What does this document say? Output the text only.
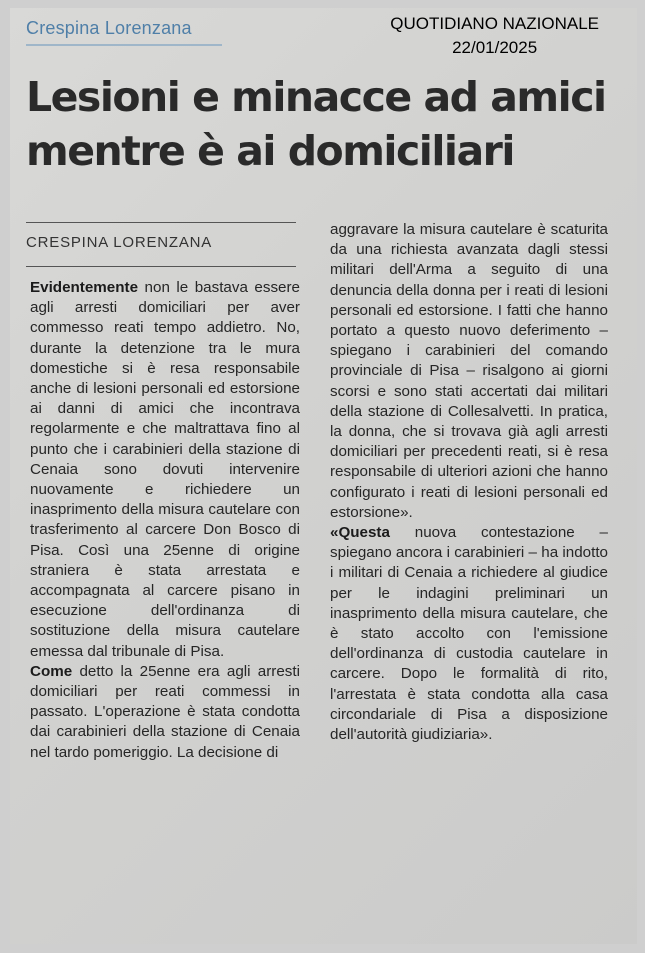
Crespina Lorenzana	QUOTIDIANO NAZIONALE
22/01/2025
Lesioni e minacce ad amici mentre è ai domiciliari
CRESPINA LORENZANA

Evidentemente non le bastava essere agli arresti domiciliari per aver commesso reati tempo addietro. No, durante la detenzione tra le mura domestiche si è resa responsabile anche di lesioni personali ed estorsione ai danni di amici che incontrava regolarmente e che maltrattava fino al punto che i carabinieri della stazione di Cenaia sono dovuti intervenire nuovamente e richiedere un inasprimento della misura cautelare con trasferimento al carcere Don Bosco di Pisa. Così una 25enne di origine straniera è stata arrestata e accompagnata al carcere pisano in esecuzione dell'ordinanza di sostituzione della misura cautelare emessa dal tribunale di Pisa.

Come detto la 25enne era agli arresti domiciliari per reati commessi in passato. L'operazione è stata condotta dai carabinieri della stazione di Cenaia nel tardo pomeriggio. La decisione di

aggravare la misura cautelare è scaturita da una richiesta avanzata dagli stessi militari dell'Arma a seguito di una denuncia della donna per i reati di lesioni personali ed estorsione. I fatti che hanno portato a questo nuovo deferimento – spiegano i carabinieri del comando provinciale di Pisa – risalgono ai giorni scorsi e sono stati accertati dai militari della stazione di Collesalvetti. In pratica, la donna, che si trovava già agli arresti domiciliari per precedenti reati, si è resa responsabile di ulteriori azioni che hanno configurato i reati di lesioni personali ed estorsione».

«Questa nuova contestazione – spiegano ancora i carabinieri – ha indotto i militari di Cenaia a richiedere al giudice per le indagini preliminari un inasprimento della misura cautelare, che è stato accolto con l'emissione dell'ordinanza di custodia cautelare in carcere. Dopo le formalità di rito, l'arrestata è stata condotta alla casa circondariale di Pisa a disposizione dell'autorità giudiziaria».
